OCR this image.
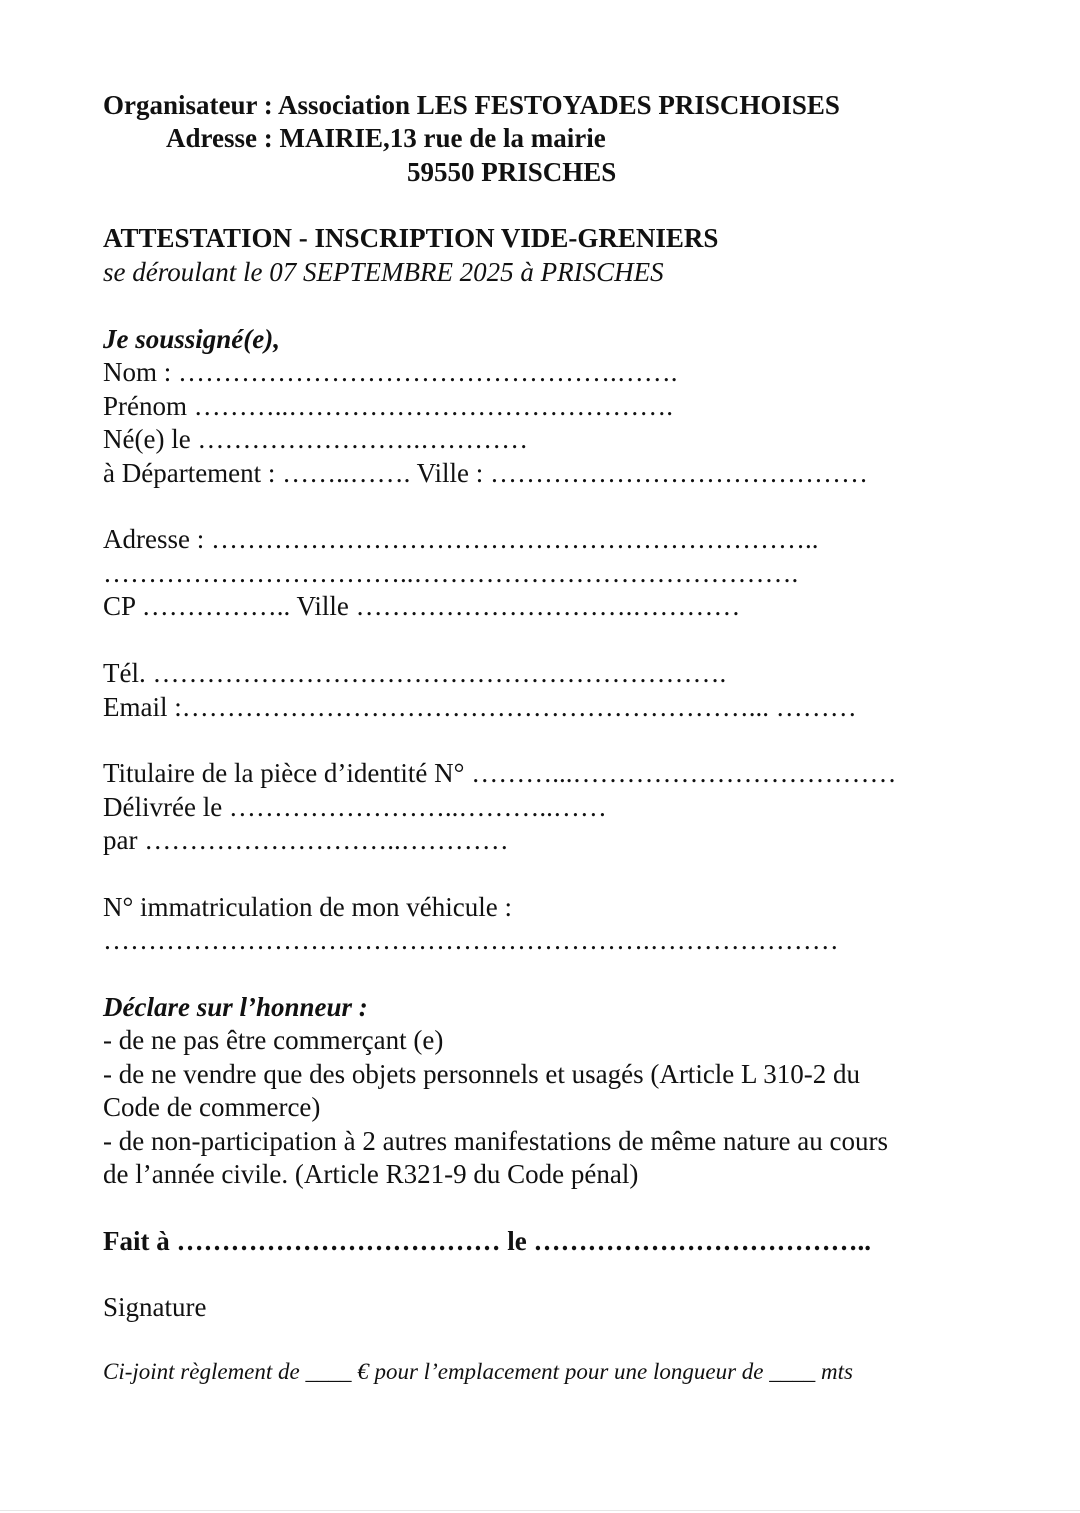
Organisateur : Association LES FESTOYADES PRISCHOISES
Adresse : MAIRIE,13 rue de la mairie
59550 PRISCHES
ATTESTATION - INSCRIPTION VIDE-GRENIERS
se déroulant le 07 SEPTEMBRE 2025 à PRISCHES
Je soussigné(e),
Nom : ………………………………………….…….
Prénom ………..…………………………………….
Né(e) le …………………….…………
à Département : ……..……. Ville : ……………………………………
Adresse : …………………………………………………………..
……………………………..…………………………………….
CP …………….. Ville ………………………….…………
Tél. ……………………………………………………….
Email :………………………………………………………... ………
Titulaire de la pièce d’identité N° ………...………………………………
Délivrée le ……………………..………..……
par ………………………..…………
N° immatriculation de mon véhicule :
…………………………………………………….…………………
Déclare sur l’honneur :
- de ne pas être commerçant (e)
- de ne vendre que des objets personnels et usagés (Article L 310-2 du
Code de commerce)
- de non-participation à 2 autres manifestations de même nature au cours
de l’année civile. (Article R321-9 du Code pénal)
Fait à ……………………………… le ………………………………..
Signature
Ci-joint règlement de ____ € pour l’emplacement pour une longueur de ____ mts
